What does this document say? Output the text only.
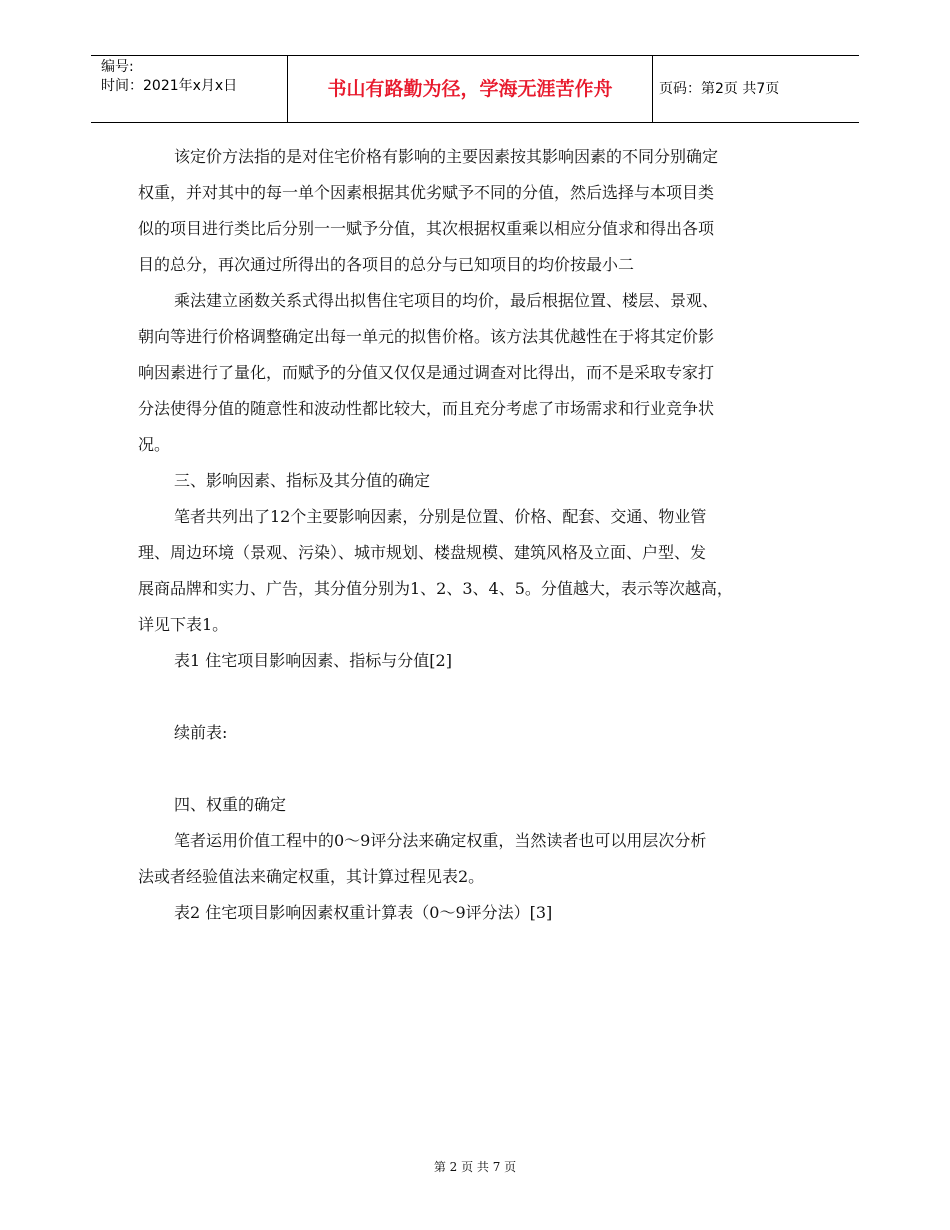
编号:
时间：2021年x月x日	书山有路勤为径，学海无涯苦作舟	页码：第2页 共7页
该定价方法指的是对住宅价格有影响的主要因素按其影响因素的不同分别确定
权重，并对其中的每一单个因素根据其优劣赋予不同的分值，然后选择与本项目类
似的项目进行类比后分别一一赋予分值，其次根据权重乘以相应分值求和得出各项
目的总分，再次通过所得出的各项目的总分与已知项目的均价按最小二
乘法建立函数关系式得出拟售住宅项目的均价，最后根据位置、楼层、景观、
朝向等进行价格调整确定出每一单元的拟售价格。该方法其优越性在于将其定价影
响因素进行了量化，而赋予的分值又仅仅是通过调查对比得出，而不是采取专家打
分法使得分值的随意性和波动性都比较大，而且充分考虑了市场需求和行业竞争状
况。
三、影响因素、指标及其分值的确定
笔者共列出了12个主要影响因素，分别是位置、价格、配套、交通、物业管
理、周边环境（景观、污染）、城市规划、楼盘规模、建筑风格及立面、户型、发
展商品牌和实力、广告，其分值分别为1、2、3、4、5。分值越大，表示等次越高，
详见下表1。
表1 住宅项目影响因素、指标与分值[2]
续前表:
四、权重的确定
笔者运用价值工程中的0～9评分法来确定权重，当然读者也可以用层次分析
法或者经验值法来确定权重，其计算过程见表2。
表2 住宅项目影响因素权重计算表（0～9评分法）[3]
第 2 页 共 7 页
